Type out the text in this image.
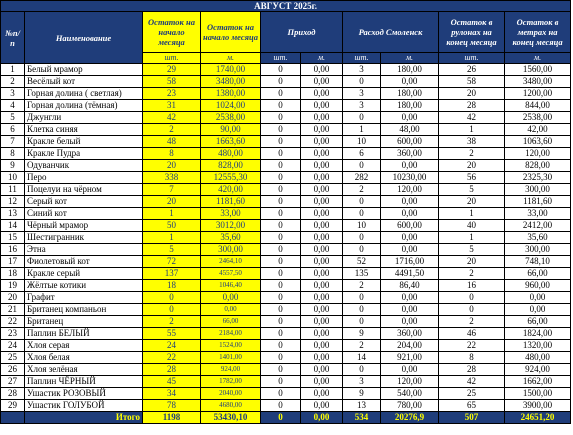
АВГУСТ 2025г.									
№п/п	Наименование	Остаток на начало месяца	Остаток на начало месяца	Приход		Расход Смоленск		Остаток в рулонах на конец месяца	Остаток в метрах на конец месяца
		шт.	м.	шт.	м.	шт.	м.	шт.	м.
1	Белый мрамор	29	1740,00	0	0,00	3	180,00	26	1560,00
2	Весёлый кот	58	3480,00	0	0,00	0	0,00	58	3480,00
3	Горная долина ( светлая)	23	1380,00	0	0,00	3	180,00	20	1200,00
4	Горная долина (тёмная)	31	1024,00	0	0,00	3	180,00	28	844,00
5	Джунгли	42	2538,00	0	0,00	0	0,00	42	2538,00
6	Клетка синяя	2	90,00	0	0,00	1	48,00	1	42,00
7	Кракле белый	48	1663,60	0	0,00	10	600,00	38	1063,60
8	Кракле Пудра	8	480,00	0	0,00	6	360,00	2	120,00
9	Одуванчик	20	828,00	0	0,00	0	0,00	20	828,00
10	Перо	338	12555,30	0	0,00	282	10230,00	56	2325,30
11	Поцелуи на чёрном	7	420,00	0	0,00	2	120,00	5	300,00
12	Серый кот	20	1181,60	0	0,00	0	0,00	20	1181,60
13	Синий кот	1	33,00	0	0,00	0	0,00	1	33,00
14	Чёрный мрамор	50	3012,00	0	0,00	10	600,00	40	2412,00
15	Шестигранник	1	35,60	0	0,00	0	0,00	1	35,60
16	Этна	5	300,00	0	0,00	0	0,00	5	300,00
17	Фиолетовый кот	72	2464,10	0	0,00	52	1716,00	20	748,10
18	Кракле серый	137	4557,50	0	0,00	135	4491,50	2	66,00
19	Жёлтые котики	18	1046,40	0	0,00	2	86,40	16	960,00
20	Графит	0	0,00	0	0,00	0	0,00	0	0,00
21	Бритaнец компаньон	0	0,00	0	0,00	0	0,00	0	0,00
22	Британец	2	66,00	0	0,00	0	0,00	2	66,00
23	Паплин БЕЛЫЙ	55	2184,00	0	0,00	9	360,00	46	1824,00
24	Хлоя серая	24	1524,00	0	0,00	2	204,00	22	1320,00
25	Хлоя белая	22	1401,00	0	0,00	14	921,00	8	480,00
26	Хлоя зелёная	28	924,00	0	0,00	0	0,00	28	924,00
27	Паплин ЧЁРНЫЙ	45	1782,00	0	0,00	3	120,00	42	1662,00
28	Ушастик РОЗОВЫЙ	34	2040,00	0	0,00	9	540,00	25	1500,00
29	Ушастик ГОЛУБОЙ	78	4680,00	0	0,00	13	780,00	65	3900,00
	Итого	1198	53430,10	0	0,00	534	20276,9	507	24651,20
